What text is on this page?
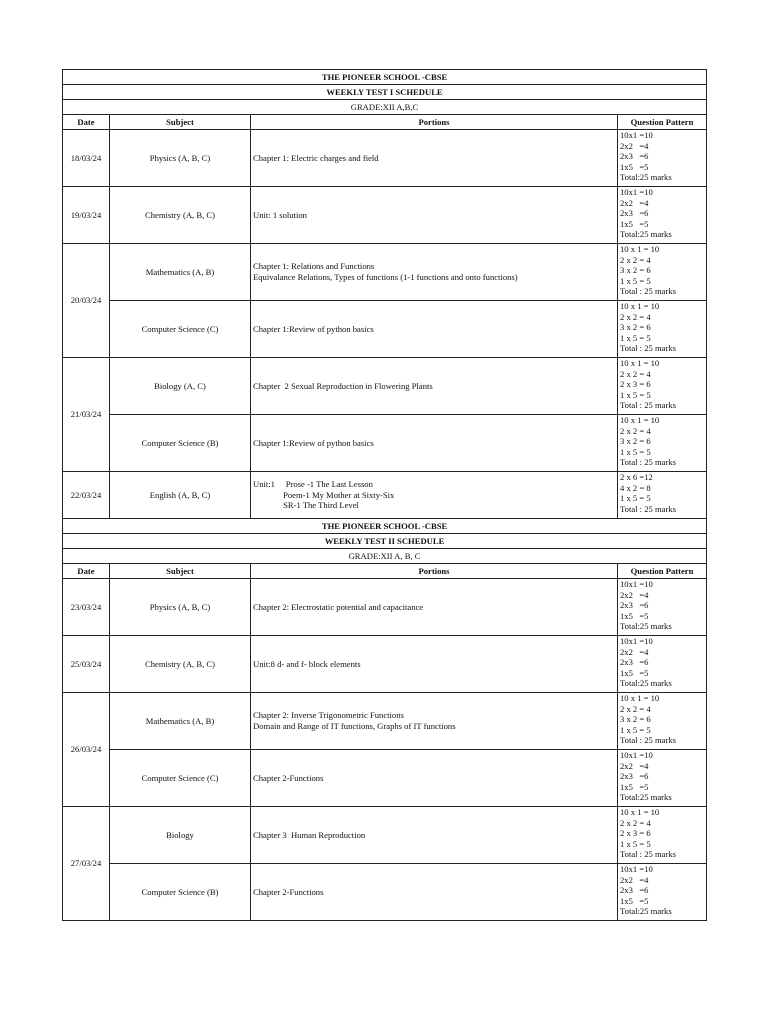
THE PIONEER SCHOOL -CBSE			
WEEKLY TEST I SCHEDULE			
GRADE:XII A,B,C			
Date	Subject	Portions	Question Pattern
18/03/24	Physics (A, B, C)	Chapter 1: Electric charges and field	10x1 =10
2x2   =4
2x3   =6
1x5   =5
Total:25 marks
19/03/24	Chemistry (A, B, C)	Unit: 1 solution	10x1 =10
2x2   =4
2x3   =6
1x5   =5
Total:25 marks
20/03/24	Mathematics (A, B)	Chapter 1: Relations and Functions
Equivalance Relations, Types of functions (1-1 functions and onto functions)	10 x 1 = 10
2 x 2 = 4
3 x 2 = 6
1 x 5 = 5
Total : 25 marks
	Computer Science (C)	Chapter 1:Review of python basics	10 x 1 = 10
2 x 2 = 4
3 x 2 = 6
1 x 5 = 5
Total : 25 marks
21/03/24	Biology (A, C)	Chapter  2 Sexual Reproduction in Flowering Plants	10 x 1 = 10
2 x 2 = 4
2 x 3 = 6
1 x 5 = 5
Total : 25 marks
	Computer Science (B)	Chapter 1:Review of python basics	10 x 1 = 10
2 x 2 = 4
3 x 2 = 6
1 x 5 = 5
Total : 25 marks
22/03/24	English (A, B, C)	Unit:1     Prose -1 The Last Lesson
Poem-1 My Mother at Sixty-Six
SR-1 The Third Level	2 x 6 =12
4 x 2 = 8
1 x 5 = 5
Total : 25 marks
THE PIONEER SCHOOL -CBSE			
WEEKLY TEST II SCHEDULE			
GRADE:XII A, B, C			
Date	Subject	Portions	Question Pattern
23/03/24	Physics (A, B, C)	Chapter 2: Electrostatic potential and capacitance	10x1 =10
2x2   =4
2x3   =6
1x5   =5
Total:25 marks
25/03/24	Chemistry (A, B, C)	Unit:8 d- and f- block elements	10x1 =10
2x2   =4
2x3   =6
1x5   =5
Total:25 marks
26/03/24	Mathematics (A, B)	Chapter 2: Inverse Trigonometric Functions
Domain and Range of IT functions, Graphs of IT functions	10 x 1 = 10
2 x 2 = 4
3 x 2 = 6
1 x 5 = 5
Total : 25 marks
	Computer Science (C)	Chapter 2-Functions	10x1 =10
2x2   =4
2x3   =6
1x5   =5
Total:25 marks
27/03/24	Biology	Chapter 3  Human Reproduction	10 x 1 = 10
2 x 2 = 4
2 x 3 = 6
1 x 5 = 5
Total : 25 marks
	Computer Science (B)	Chapter 2-Functions	10x1 =10
2x2   =4
2x3   =6
1x5   =5
Total:25 marks
